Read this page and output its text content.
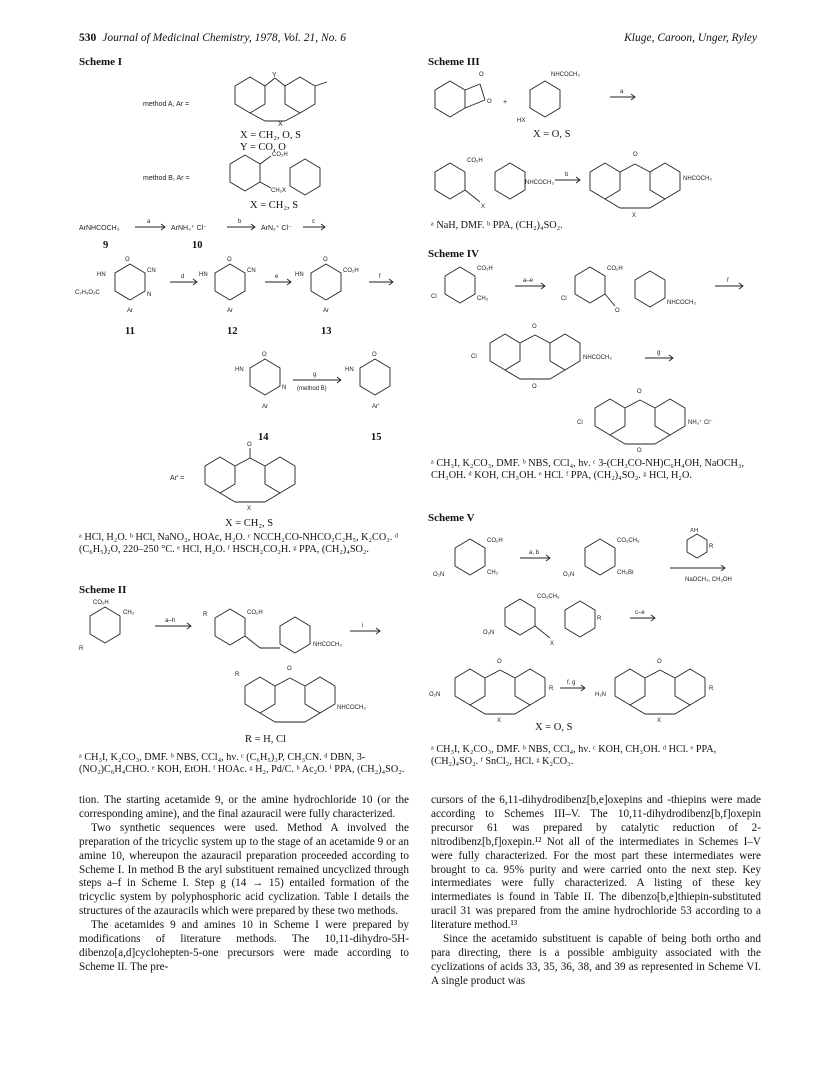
530 Journal of Medicinal Chemistry, 1978, Vol. 21, No. 6	Kluge, Caroon, Unger, Ryley
Scheme I
method A, Ar =
Y
X
X = CH₂, O, S
Y = CO, O
method B, Ar =
CO₂H
CH₂X
X = CH₂, S
ArNHCOCH₃
a
ArNH₃⁺ Cl⁻
b
ArN₂⁺ Cl⁻
c
9	10
O
HN
CN
C₂H₅O₂C	N
Ar
11
d
O
HN
CN
Ar
12
e
O
HN
CO₂H
Ar
13
f
O
HN
N
Ar
g
(method B)
O
HN
Ar′
14	15
Ar′ =
O
X
X = CH₂, S
ᵃ HCl, H₂O. ᵇ HCl, NaNO₂, HOAc, H₂O. ᶜ NCCH₂CO-NHCO₂C₂H₅, K₂CO₃. ᵈ (C₆H₅)₂O, 220–250 °C. ᵉ HCl, H₂O. ᶠ HSCH₂CO₂H. ᵍ PPA, (CH₂)₄SO₂.
Scheme II
CO₂H
CH₃
R
a–h
R	CO₂H
NHCOCH₃
i
R
O
NHCOCH₃
R = H, Cl
ᵃ CH₃I, K₂CO₃, DMF. ᵇ NBS, CCl₄, hν. ᶜ (C₆H₅)₃P, CH₃CN. ᵈ DBN, 3-(NO₂)C₆H₄CHO. ᵉ KOH, EtOH. ᶠ HOAc. ᵍ H₂, Pd/C. ʰ Ac₂O. ⁱ PPA, (CH₂)₄SO₂.

tion. The starting acetamide 9, or the amine hydrochloride 10 (or the corresponding amine), and the final azauracil were fully characterized.

Two synthetic sequences were used. Method A involved the preparation of the tricyclic system up to the stage of an acetamide 9 or an amine 10, whereupon the azauracil preparation proceeded according to Scheme I. In method B the aryl substituent remained uncyclized through steps a–f in Scheme I. Step g (14 → 15) entailed formation of the tricyclic system by polyphosphoric acid cyclization. Table I details the structures of the azauracils which were prepared by these two methods.

The acetamides 9 and amines 10 in Scheme I were prepared by modifications of literature methods. The 10,11-dihydro-5H-dibenzo[a,d]cyclohepten-5-one precursors were made according to Scheme II. The pre-

Scheme III
O
O +
NHCOCH₃
HX
a
X = O, S
CO₂H
X
NHCOCH₃
b
O
X
NHCOCH₃
ᵃ NaH, DMF. ᵇ PPA, (CH₂)₄SO₂.
Scheme IV
CO₂H
CH₃
Cl
a–e
CO₂H
Cl
O
NHCOCH₃
f
Cl
O
O
NHCOCH₃
g
Cl
O
O
NH₃⁺ Cl⁻
ᵃ CH₃I, K₂CO₃, DMF. ᵇ NBS, CCl₄, hν. ᶜ 3-(CH₃CO-NH)C₆H₄OH, NaOCH₃, CH₃OH. ᵈ KOH, CH₃OH. ᵉ HCl. ᶠ PPA, (CH₂)₄SO₂. ᵍ HCl, H₂O.
Scheme V
CO₂H
CH₃
O₂N
a, b
CO₂CH₃
CH₂Br
O₂N
XH
R
NaOCH₃, CH₃OH
CO₂CH₃
O₂N
X
R
c–e
O₂N
O
X
R
f, g
H₂N
O
X
R
X = O, S
ᵃ CH₃I, K₂CO₃, DMF. ᵇ NBS, CCl₄, hν. ᶜ KOH, CH₃OH. ᵈ HCl. ᵉ PPA, (CH₂)₄SO₂. ᶠ SnCl₂, HCl. ᵍ K₂CO₃.

cursors of the 6,11-dihydrodibenz[b,e]oxepins and -thiepins were made according to Schemes III–V. The 10,11-dihydrodibenz[b,f]oxepin precursor 61 was prepared by catalytic reduction of 2-nitrodibenz[b,f]oxepin.¹² Not all of the intermediates in Schemes I–V were fully characterized. For the most part these intermediates were brought to ca. 95% purity and were carried onto the next step. Key intermediates were fully characterized. A listing of these key intermediates is found in Table II. The dibenzo[b,e]thiepin-substituted uracil 31 was prepared from the amine hydrochloride 53 according to a literature method.¹³

Since the acetamido substituent is capable of being both ortho and para directing, there is a possible ambiguity associated with the cyclizations of acids 33, 35, 36, 38, and 39 as represented in Scheme VI. A single product was
